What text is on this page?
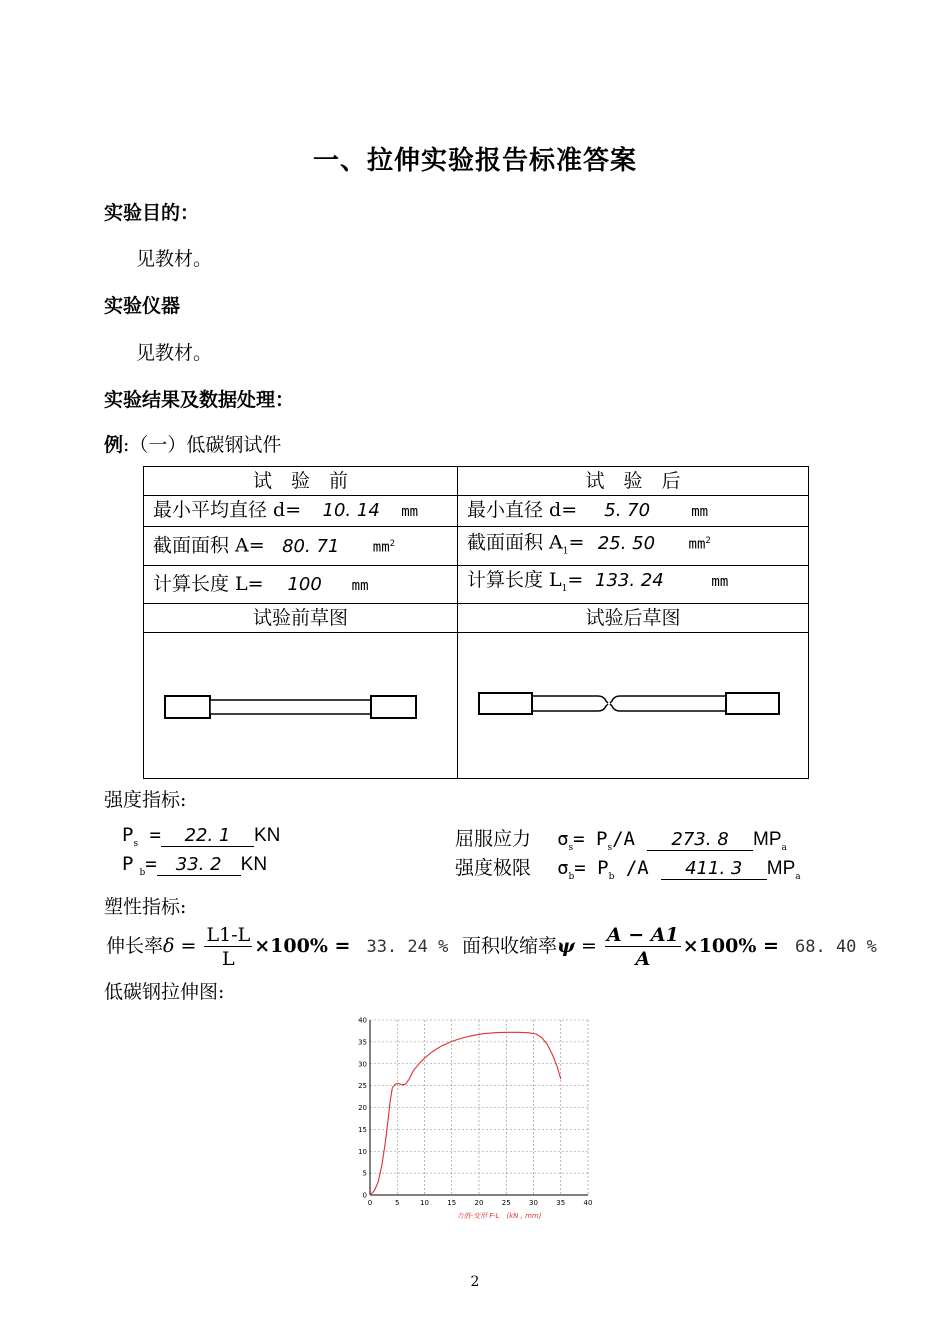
一、拉伸实验报告标准答案
实验目的：
见教材。
实验仪器
见教材。
实验结果及数据处理：
例:（一）低碳钢试件
试　验　前	试　验　后
最小平均直径 d= 10. 14 mm	最小直径 d= 5. 70 mm
截面面积 A= 80. 71 $mm^2$	截面面积 $A_1= 25$. 50 $mm^2$
计算长度 L= 100 mm	计算长度 $L_1= 133$. 24 mm
试验前草图	试验后草图

强度指标:
$P_s = 22$. 1 KN
P $_b$= 33. 2 KN
屈服应力 $\sigma_s= P_s/A$ 273. 8 $MP_a$
强度极限 $\sigma_b= P_b$ /A 411. 3 $MP_a$
塑性指标:
伸长率$\delta = \frac{L1-L}{L} \times 100\% = 33$. 24 % 面积收缩率ψ =
A − A1
A
×100% = 68. 40 %
低碳钢拉伸图:
0	5	10	15	20	25	30	35	40
0
5
10
15
20
25
30
35
40
力值-变形 F-L　(kN , mm)
2
